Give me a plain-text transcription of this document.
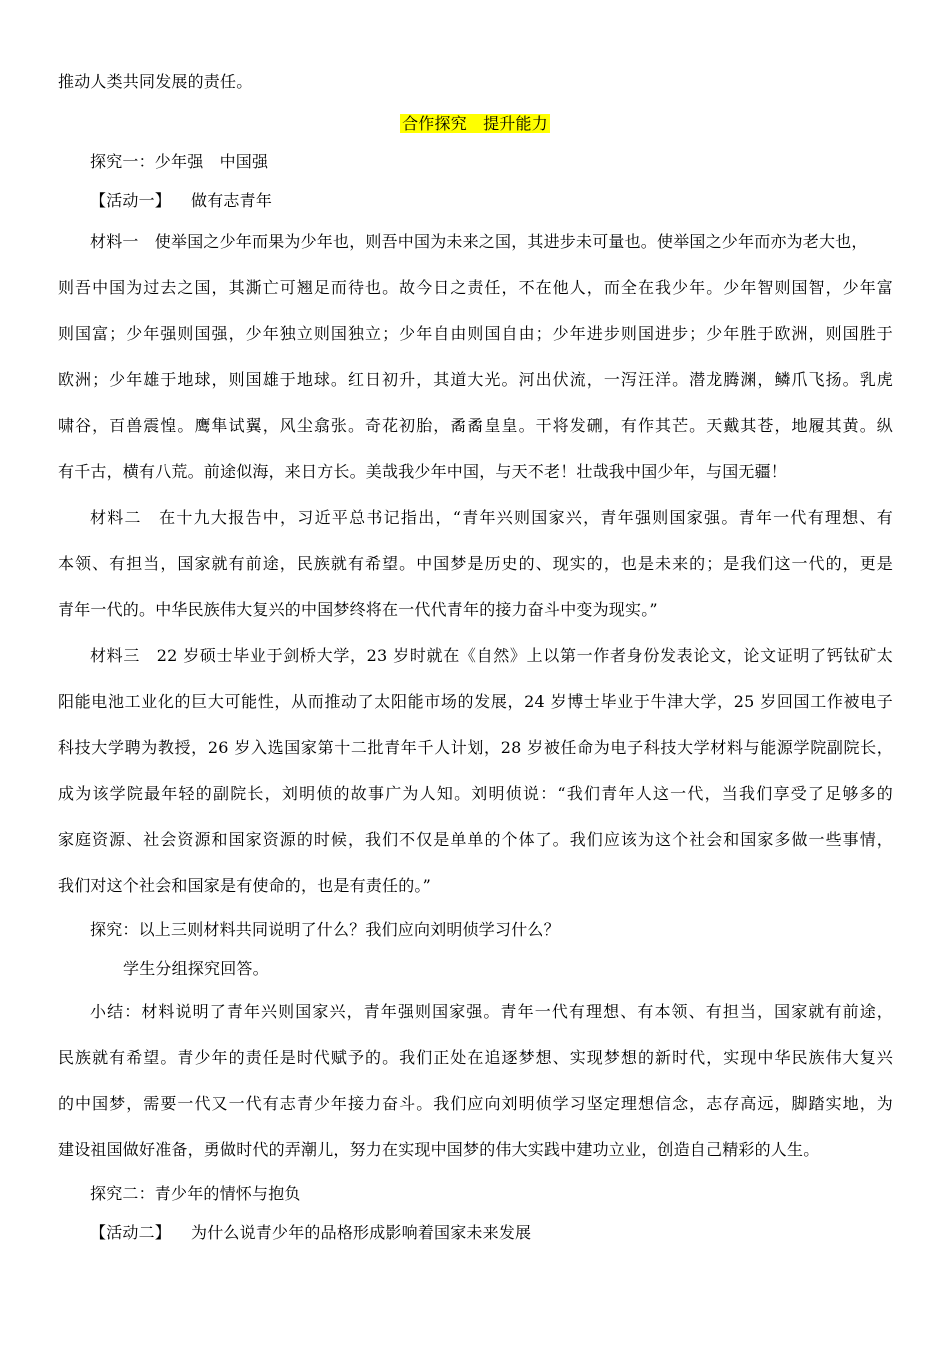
推动人类共同发展的责任。
合作探究　提升能力
探究一：少年强　中国强
【活动一】 做有志青年
材料一　使举国之少年而果为少年也，则吾中国为未来之国，其进步未可量也。使举国之少年而亦为老大也，
则吾中国为过去之国，其澌亡可翘足而待也。故今日之责任，不在他人，而全在我少年。少年智则国智，少年富
则国富；少年强则国强，少年独立则国独立；少年自由则国自由；少年进步则国进步；少年胜于欧洲，则国胜于
欧洲；少年雄于地球，则国雄于地球。红日初升，其道大光。河出伏流，一泻汪洋。潜龙腾渊，鳞爪飞扬。乳虎
啸谷，百兽震惶。鹰隼试翼，风尘翕张。奇花初胎，矞矞皇皇。干将发硎，有作其芒。天戴其苍，地履其黄。纵
有千古，横有八荒。前途似海，来日方长。美哉我少年中国，与天不老！壮哉我中国少年，与国无疆！
材料二　在十九大报告中，习近平总书记指出，“青年兴则国家兴，青年强则国家强。青年一代有理想、有
本领、有担当，国家就有前途，民族就有希望。中国梦是历史的、现实的，也是未来的；是我们这一代的，更是
青年一代的。中华民族伟大复兴的中国梦终将在一代代青年的接力奋斗中变为现实。”
材料三　22 岁硕士毕业于剑桥大学，23 岁时就在《自然》上以第一作者身份发表论文，论文证明了钙钛矿太
阳能电池工业化的巨大可能性，从而推动了太阳能市场的发展，24 岁博士毕业于牛津大学，25 岁回国工作被电子
科技大学聘为教授，26 岁入选国家第十二批青年千人计划，28 岁被任命为电子科技大学材料与能源学院副院长，
成为该学院最年轻的副院长，刘明侦的故事广为人知。刘明侦说：“我们青年人这一代，当我们享受了足够多的
家庭资源、社会资源和国家资源的时候，我们不仅是单单的个体了。我们应该为这个社会和国家多做一些事情，
我们对这个社会和国家是有使命的，也是有责任的。”
探究：以上三则材料共同说明了什么？我们应向刘明侦学习什么？
学生分组探究回答。
小结：材料说明了青年兴则国家兴，青年强则国家强。青年一代有理想、有本领、有担当，国家就有前途，
民族就有希望。青少年的责任是时代赋予的。我们正处在追逐梦想、实现梦想的新时代，实现中华民族伟大复兴
的中国梦，需要一代又一代有志青少年接力奋斗。我们应向刘明侦学习坚定理想信念，志存高远，脚踏实地，为
建设祖国做好准备，勇做时代的弄潮儿，努力在实现中国梦的伟大实践中建功立业，创造自己精彩的人生。
探究二：青少年的情怀与抱负
【活动二】 为什么说青少年的品格形成影响着国家未来发展
